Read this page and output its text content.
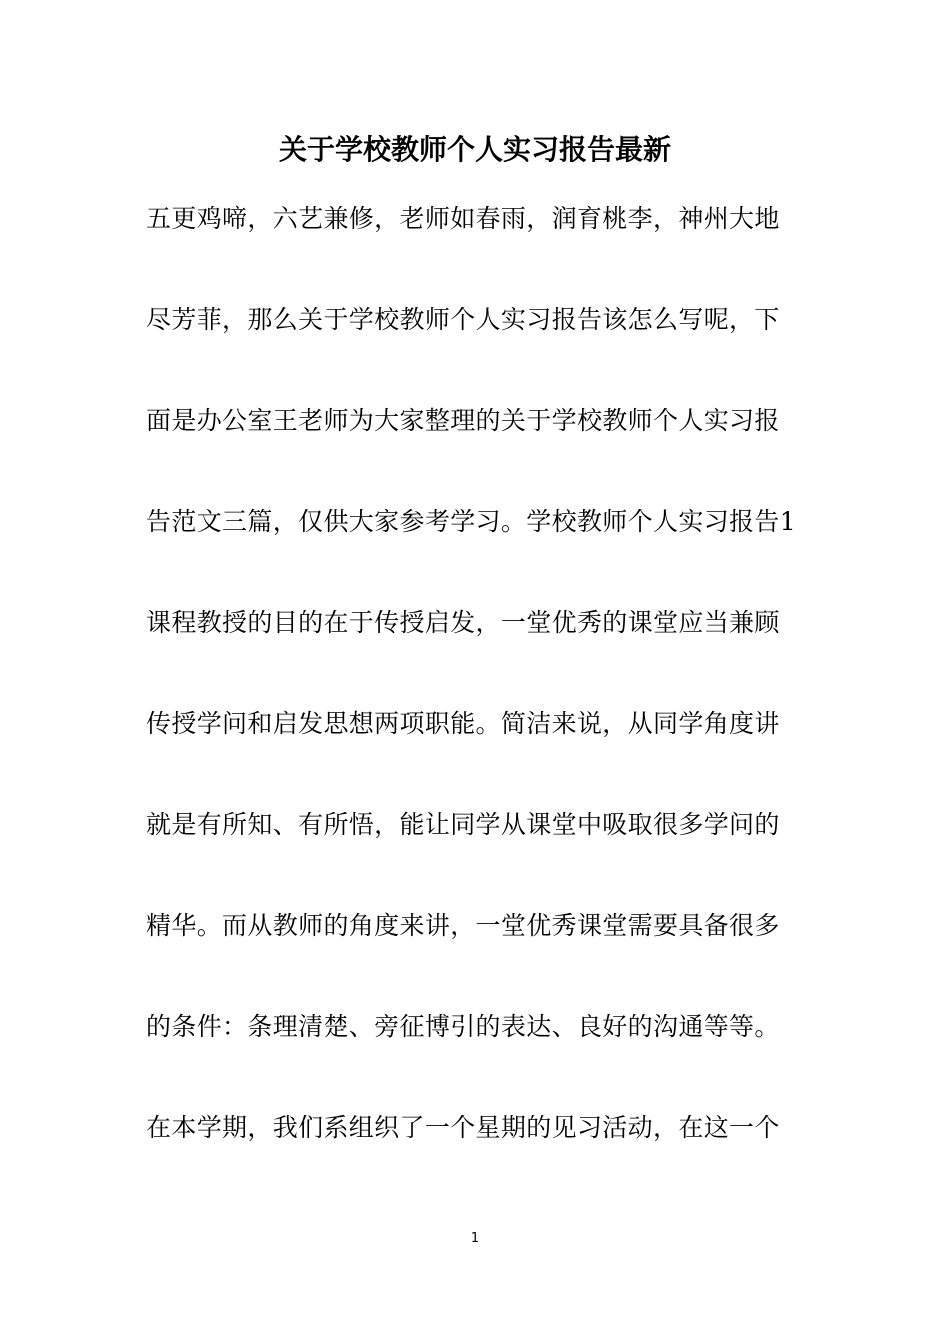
关于学校教师个人实习报告最新
五更鸡啼，六艺兼修，老师如春雨，润育桃李，神州大地
尽芳菲，那么关于学校教师个人实习报告该怎么写呢，下
面是办公室王老师为大家整理的关于学校教师个人实习报
告范文三篇，仅供大家参考学习。学校教师个人实习报告1
课程教授的目的在于传授启发，一堂优秀的课堂应当兼顾
传授学问和启发思想两项职能。简洁来说，从同学角度讲
就是有所知、有所悟，能让同学从课堂中吸取很多学问的
精华。而从教师的角度来讲，一堂优秀课堂需要具备很多
的条件：条理清楚、旁征博引的表达、良好的沟通等等。
在本学期，我们系组织了一个星期的见习活动，在这一个
1
